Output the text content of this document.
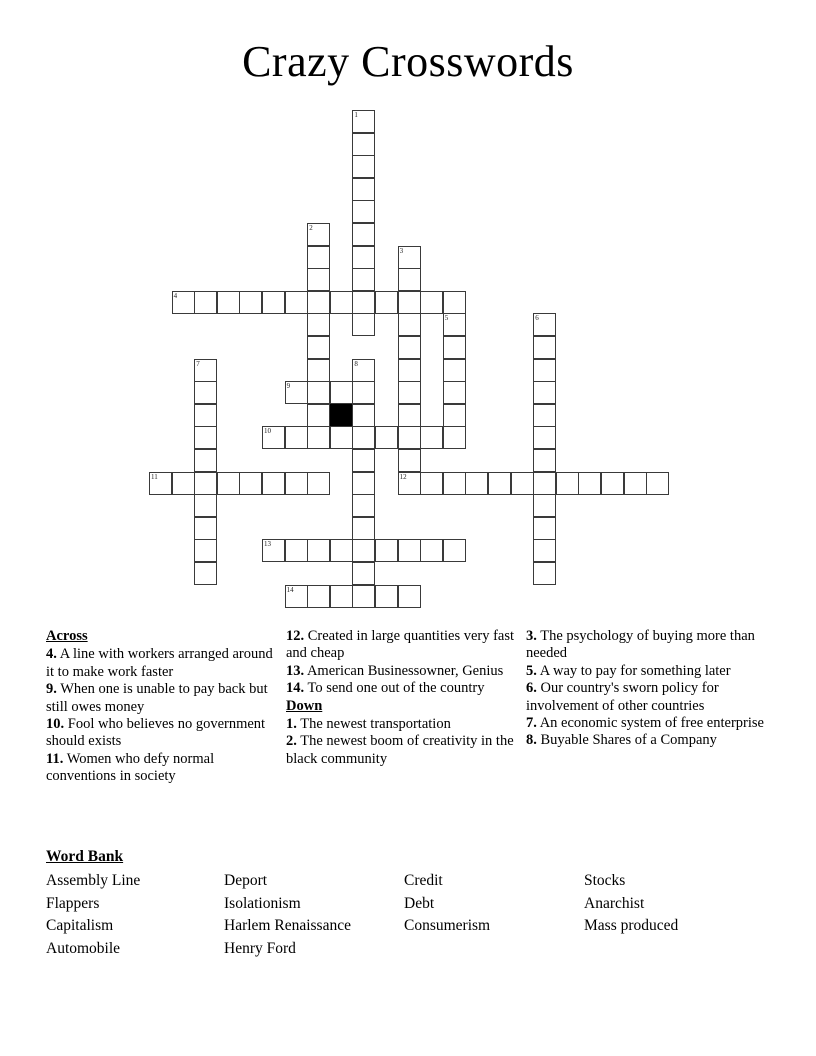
Crazy Crosswords
1
2
3
4
5	6
7	8
9
10
11	12
13
14
Across
4. A line with workers arranged around it to make work faster
9. When one is unable to pay back but still owes money
10. Fool who believes no government should exists
11. Women who defy normal conventions in society
12. Created in large quantities very fast and cheap
13. American Businessowner, Genius
14. To send one out of the country
Down
1. The newest transportation
2. The newest boom of creativity in the black community
3. The psychology of buying more than needed
5. A way to pay for something later
6. Our country's sworn policy for involvement of other countries
7. An economic system of free enterprise
8. Buyable Shares of a Company
Word Bank
Assembly Line	Deport	Credit	Stocks
Flappers	Isolationism	Debt	Anarchist
Capitalism	Harlem Renaissance	Consumerism	Mass produced
Automobile	Henry Ford
